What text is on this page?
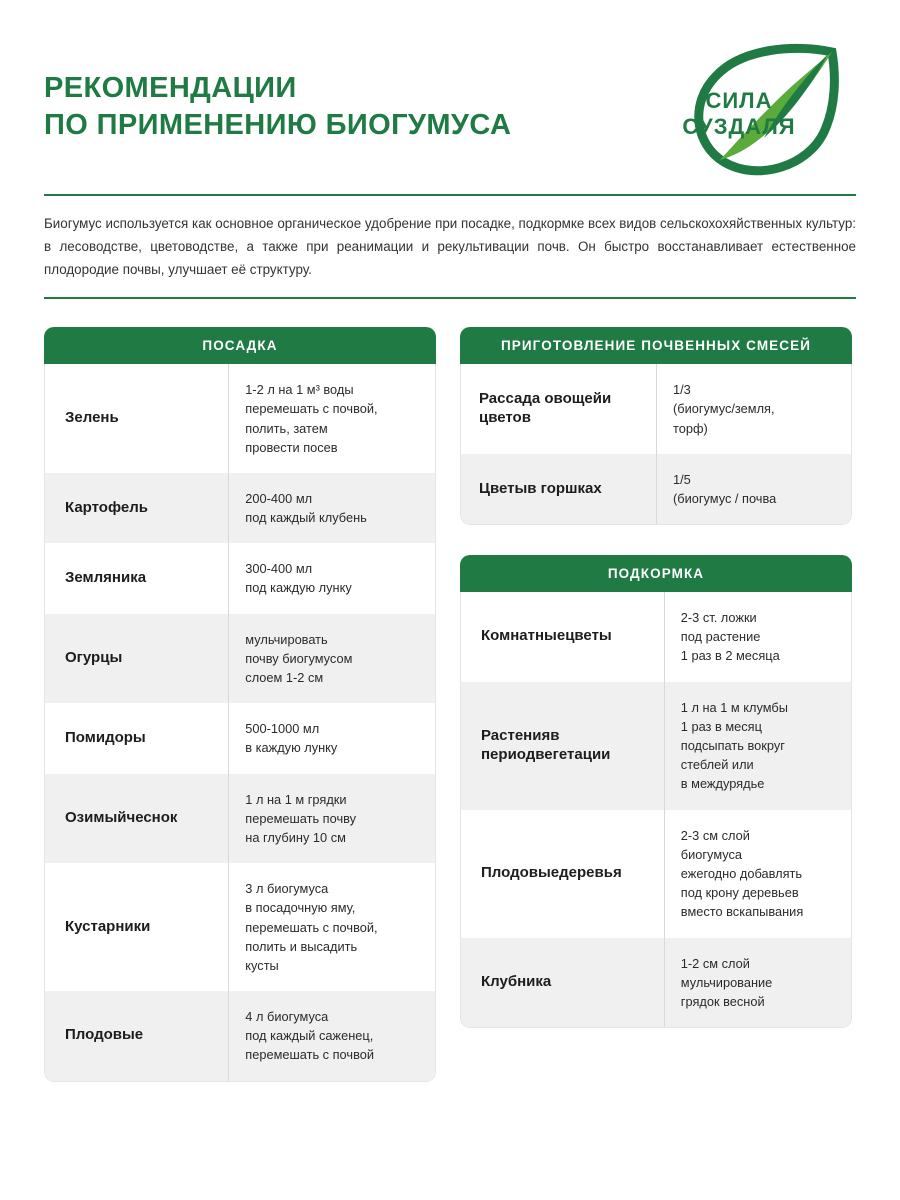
РЕКОМЕНДАЦИИ
ПО ПРИМЕНЕНИЮ БИОГУМУСА
СИЛА
СУЗДАЛЯ
Биогумус используется как основное органическое удобрение при посадке, подкормке всех видов сельскохохяйственных культур: в лесоводстве, цветоводстве, а также при реанимации и рекультивации почв. Он быстро восстанавливает естественное плодородие почвы, улучшает её структуру.
ПОСАДКА
Зелень
1-2 л на 1 м³ воды
перемешать с почвой,
полить, затем
провести посев
Картофель
200-400 мл
под каждый клубень
Земляника
300-400 мл
под каждую лунку
Огурцы
мульчировать
почву биогумусом
слоем 1-2 см
Помидоры
500-1000 мл
в каждую лунку
Озимыйчеснок
1 л на 1 м грядки
перемешать почву
на глубину 10 см
Кустарники
3 л биогумуса
в посадочную яму,
перемешать с почвой,
полить и высадить
кусты
Плодовые
4 л биогумуса
под каждый саженец,
перемешать с почвой
ПРИГОТОВЛЕНИЕ ПОЧВЕННЫХ СМЕСЕЙ
Рассада овощейи цветов
1/3
(биогумус/земля,
торф)
Цветыв горшках
1/5
(биогумус / почва
ПОДКОРМКА
Комнатныецветы
2-3 ст. ложки
под растение
1 раз в 2 месяца
Растенияв периодвегетации
1 л на 1 м клумбы
1 раз в месяц
подсыпать вокруг
стеблей или
в междурядье
Плодовыедеревья
2-3 см слой
биогумуса
ежегодно добавлять
под крону деревьев
вместо вскапывания
Клубника
1-2 см слой
мульчирование
грядок весной
